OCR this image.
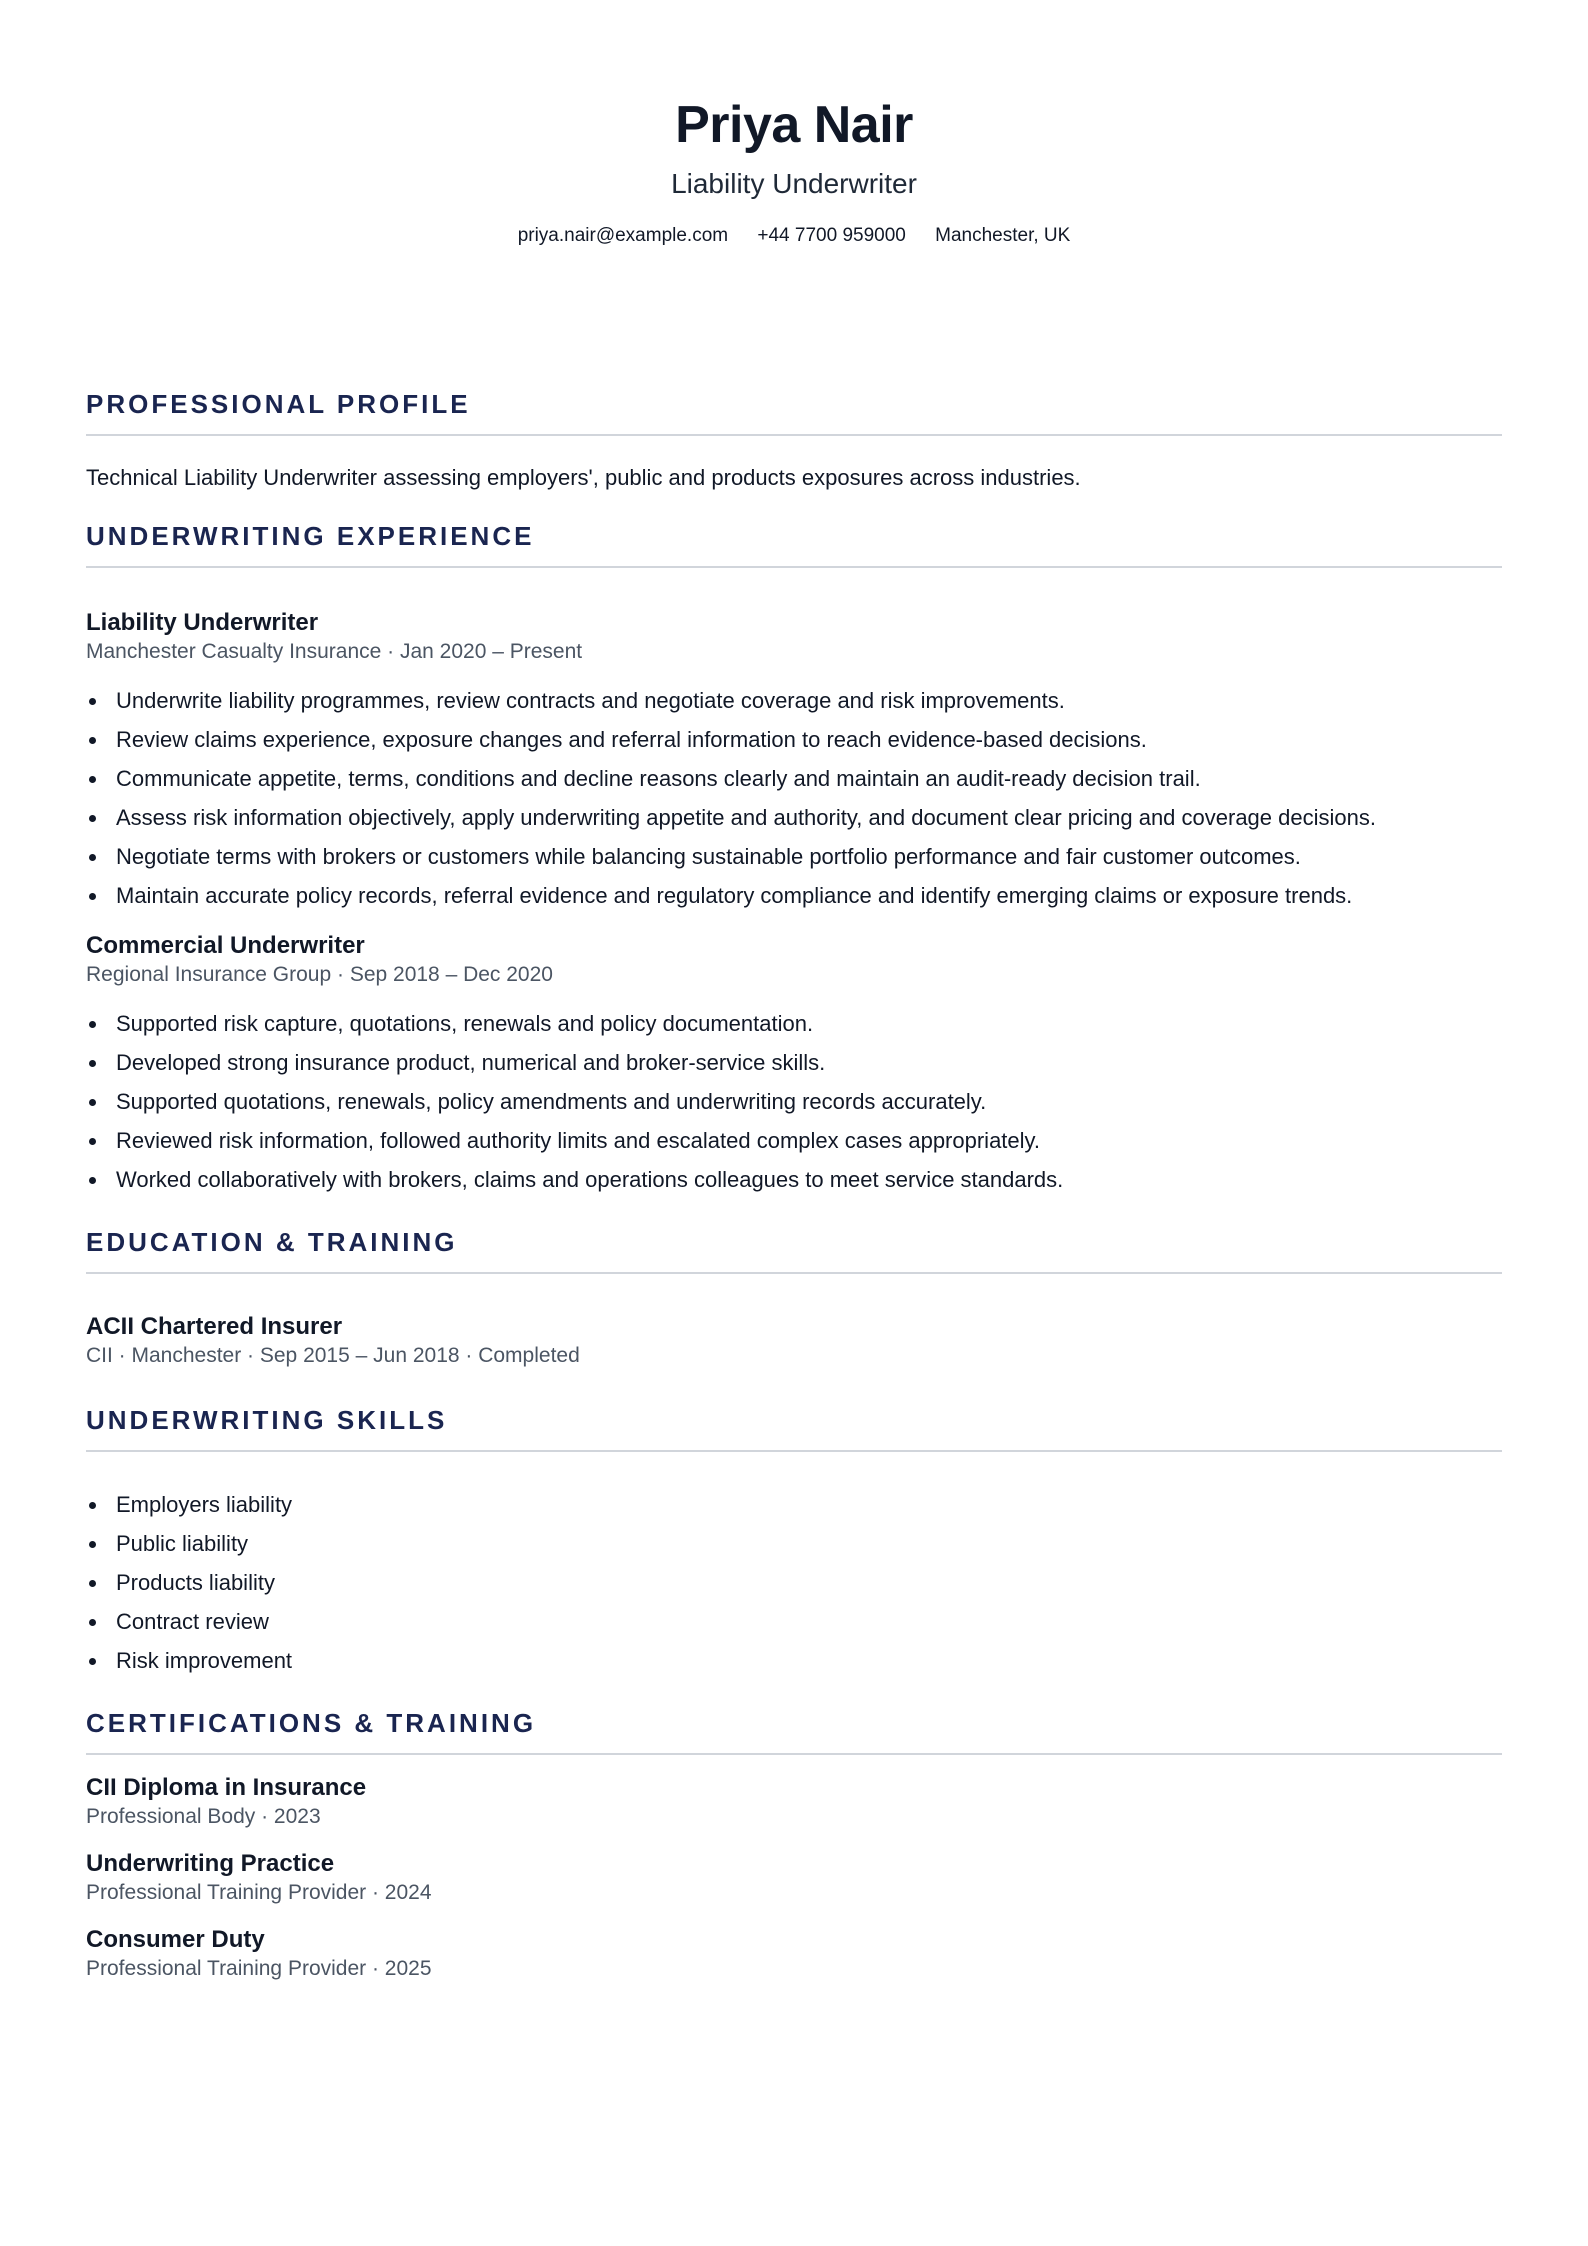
Priya Nair
Liability Underwriter
priya.nair@example.com +44 7700 959000 Manchester, UK
PROFESSIONAL PROFILE
Technical Liability Underwriter assessing employers', public and products exposures across industries.
UNDERWRITING EXPERIENCE
Liability Underwriter
Manchester Casualty Insurance · Jan 2020 – Present
Underwrite liability programmes, review contracts and negotiate coverage and risk improvements.
Review claims experience, exposure changes and referral information to reach evidence-based decisions.
Communicate appetite, terms, conditions and decline reasons clearly and maintain an audit-ready decision trail.
Assess risk information objectively, apply underwriting appetite and authority, and document clear pricing and coverage decisions.
Negotiate terms with brokers or customers while balancing sustainable portfolio performance and fair customer outcomes.
Maintain accurate policy records, referral evidence and regulatory compliance and identify emerging claims or exposure trends.
Commercial Underwriter
Regional Insurance Group · Sep 2018 – Dec 2020
Supported risk capture, quotations, renewals and policy documentation.
Developed strong insurance product, numerical and broker-service skills.
Supported quotations, renewals, policy amendments and underwriting records accurately.
Reviewed risk information, followed authority limits and escalated complex cases appropriately.
Worked collaboratively with brokers, claims and operations colleagues to meet service standards.
EDUCATION & TRAINING
ACII Chartered Insurer
CII · Manchester · Sep 2015 – Jun 2018 · Completed
UNDERWRITING SKILLS
Employers liability
Public liability
Products liability
Contract review
Risk improvement
CERTIFICATIONS & TRAINING
CII Diploma in Insurance
Professional Body · 2023
Underwriting Practice
Professional Training Provider · 2024
Consumer Duty
Professional Training Provider · 2025
